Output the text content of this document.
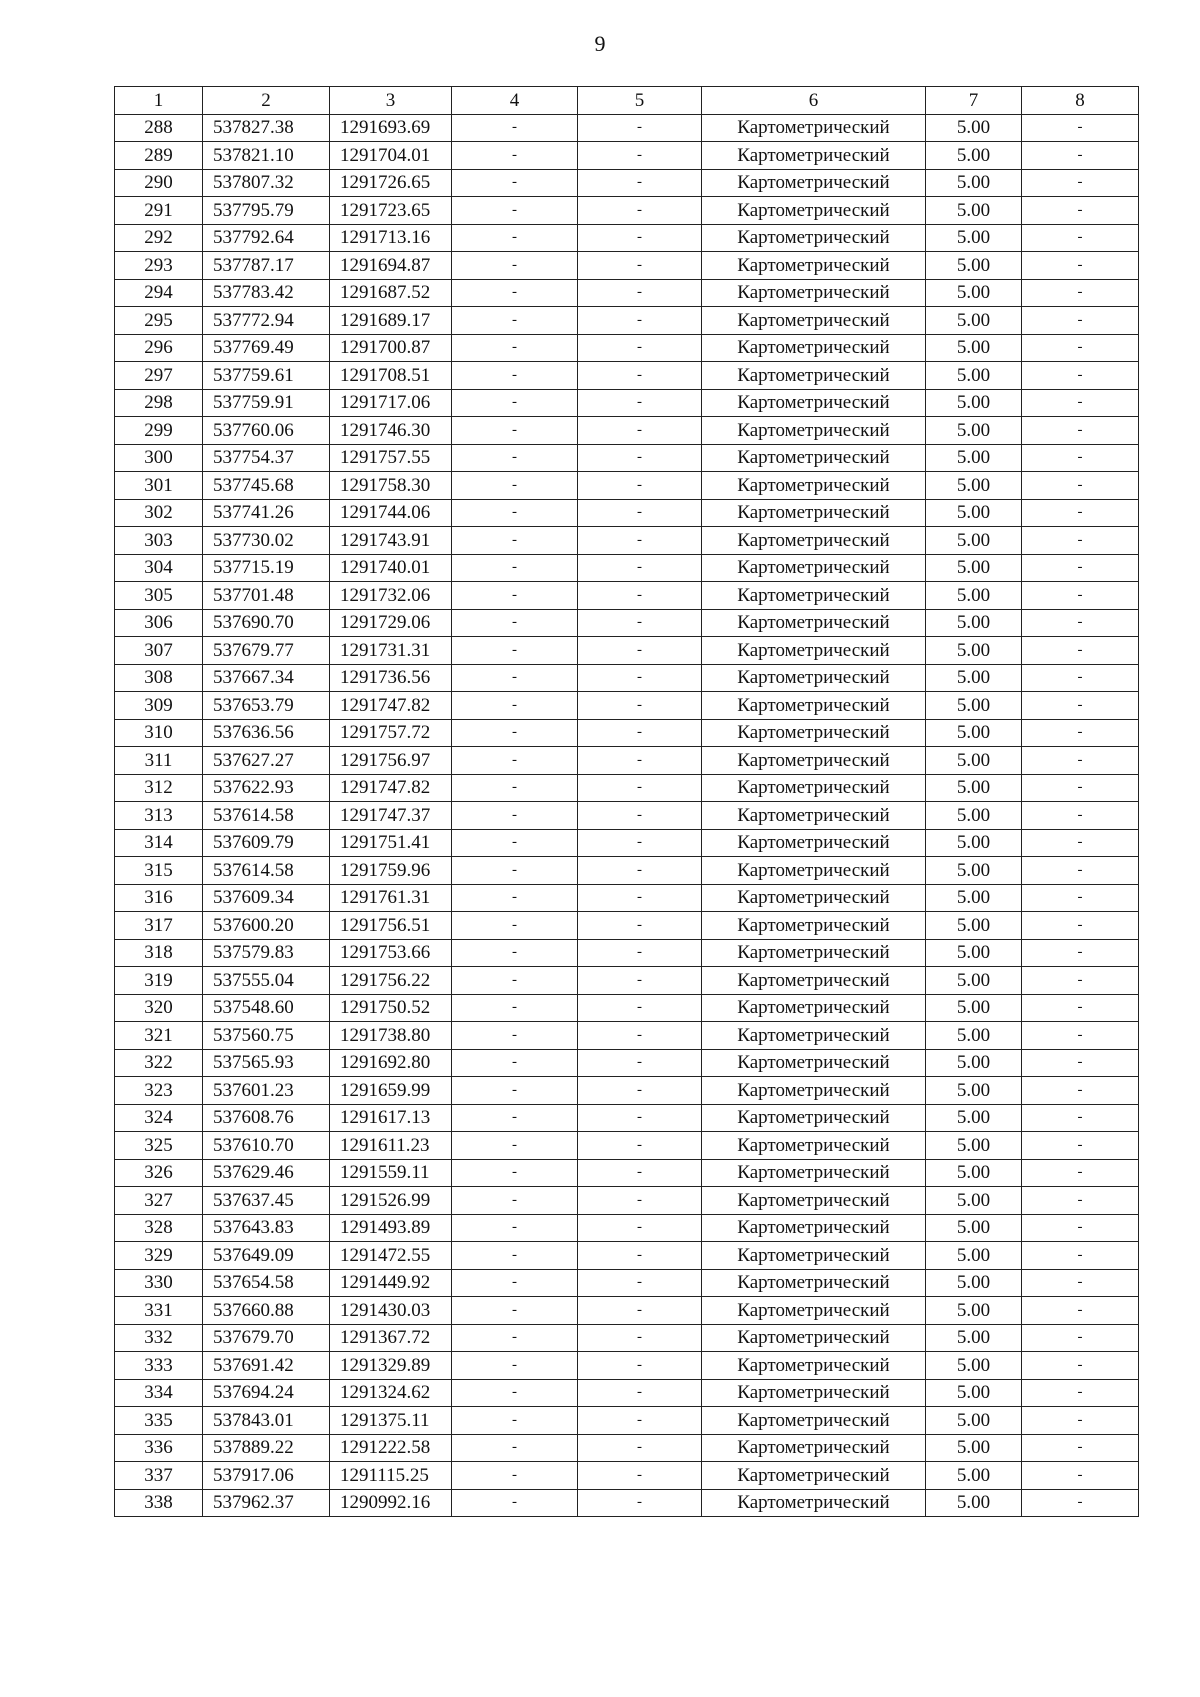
9
1	2	3	4	5	6	7	8
288	537827.38	1291693.69	-	-	Картометрический	5.00	-
289	537821.10	1291704.01	-	-	Картометрический	5.00	-
290	537807.32	1291726.65	-	-	Картометрический	5.00	-
291	537795.79	1291723.65	-	-	Картометрический	5.00	-
292	537792.64	1291713.16	-	-	Картометрический	5.00	-
293	537787.17	1291694.87	-	-	Картометрический	5.00	-
294	537783.42	1291687.52	-	-	Картометрический	5.00	-
295	537772.94	1291689.17	-	-	Картометрический	5.00	-
296	537769.49	1291700.87	-	-	Картометрический	5.00	-
297	537759.61	1291708.51	-	-	Картометрический	5.00	-
298	537759.91	1291717.06	-	-	Картометрический	5.00	-
299	537760.06	1291746.30	-	-	Картометрический	5.00	-
300	537754.37	1291757.55	-	-	Картометрический	5.00	-
301	537745.68	1291758.30	-	-	Картометрический	5.00	-
302	537741.26	1291744.06	-	-	Картометрический	5.00	-
303	537730.02	1291743.91	-	-	Картометрический	5.00	-
304	537715.19	1291740.01	-	-	Картометрический	5.00	-
305	537701.48	1291732.06	-	-	Картометрический	5.00	-
306	537690.70	1291729.06	-	-	Картометрический	5.00	-
307	537679.77	1291731.31	-	-	Картометрический	5.00	-
308	537667.34	1291736.56	-	-	Картометрический	5.00	-
309	537653.79	1291747.82	-	-	Картометрический	5.00	-
310	537636.56	1291757.72	-	-	Картометрический	5.00	-
311	537627.27	1291756.97	-	-	Картометрический	5.00	-
312	537622.93	1291747.82	-	-	Картометрический	5.00	-
313	537614.58	1291747.37	-	-	Картометрический	5.00	-
314	537609.79	1291751.41	-	-	Картометрический	5.00	-
315	537614.58	1291759.96	-	-	Картометрический	5.00	-
316	537609.34	1291761.31	-	-	Картометрический	5.00	-
317	537600.20	1291756.51	-	-	Картометрический	5.00	-
318	537579.83	1291753.66	-	-	Картометрический	5.00	-
319	537555.04	1291756.22	-	-	Картометрический	5.00	-
320	537548.60	1291750.52	-	-	Картометрический	5.00	-
321	537560.75	1291738.80	-	-	Картометрический	5.00	-
322	537565.93	1291692.80	-	-	Картометрический	5.00	-
323	537601.23	1291659.99	-	-	Картометрический	5.00	-
324	537608.76	1291617.13	-	-	Картометрический	5.00	-
325	537610.70	1291611.23	-	-	Картометрический	5.00	-
326	537629.46	1291559.11	-	-	Картометрический	5.00	-
327	537637.45	1291526.99	-	-	Картометрический	5.00	-
328	537643.83	1291493.89	-	-	Картометрический	5.00	-
329	537649.09	1291472.55	-	-	Картометрический	5.00	-
330	537654.58	1291449.92	-	-	Картометрический	5.00	-
331	537660.88	1291430.03	-	-	Картометрический	5.00	-
332	537679.70	1291367.72	-	-	Картометрический	5.00	-
333	537691.42	1291329.89	-	-	Картометрический	5.00	-
334	537694.24	1291324.62	-	-	Картометрический	5.00	-
335	537843.01	1291375.11	-	-	Картометрический	5.00	-
336	537889.22	1291222.58	-	-	Картометрический	5.00	-
337	537917.06	1291115.25	-	-	Картометрический	5.00	-
338	537962.37	1290992.16	-	-	Картометрический	5.00	-
